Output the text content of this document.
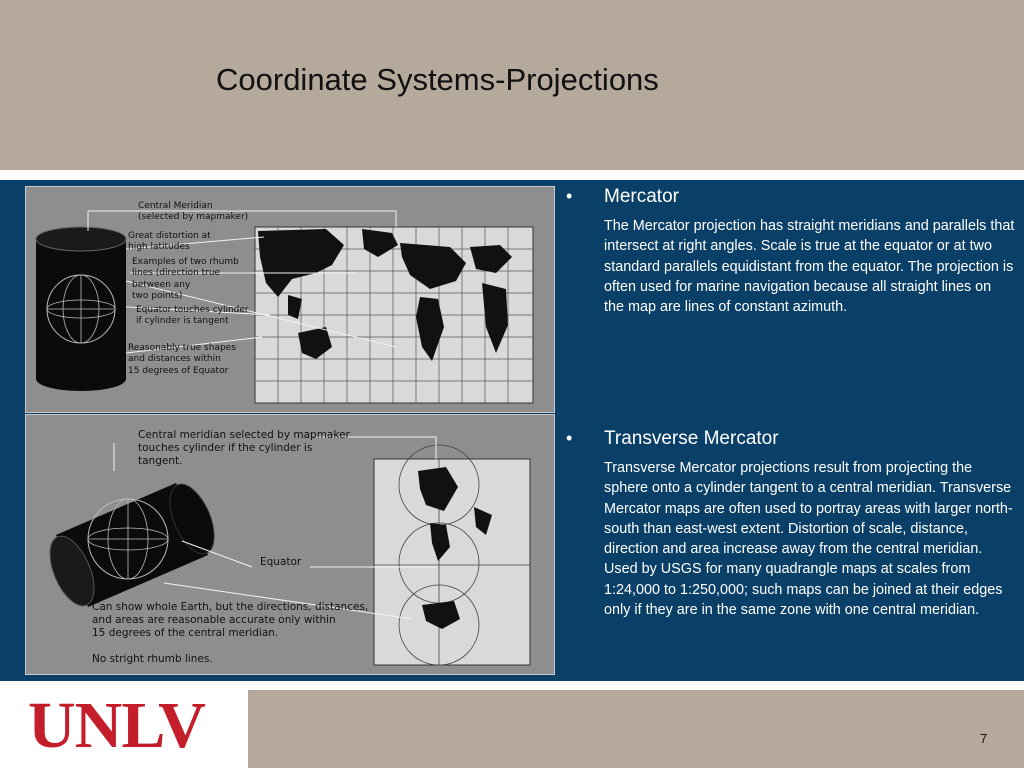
Coordinate Systems-Projections
Central Meridian
(selected by mapmaker)
Great distortion at
high latitudes
Examples of two rhumb
lines (direction true
between any
two points)
Equator touches cylinder
if cylinder is tangent
Reasonably true shapes
and distances within
15 degrees of Equator
Central meridian selected by mapmaker
touches cylinder if the cylinder is
tangent.
Equator
Can show whole Earth, but the directions, distances,
and areas are reasonable accurate only within
15 degrees of the central meridian.
No stright rhumb lines.
• Mercator
The Mercator projection has straight meridians and parallels that intersect at right angles. Scale is true at the equator or at two standard parallels equidistant from the equator. The projection is often used for marine navigation because all straight lines on the map are lines of constant azimuth.
• Transverse Mercator
Transverse Mercator projections result from projecting the sphere onto a cylinder tangent to a central meridian. Transverse Mercator maps are often used to portray areas with larger north-south than east-west extent. Distortion of scale, distance, direction and area increase away from the central meridian. Used by USGS for many quadrangle maps at scales from 1:24,000 to 1:250,000; such maps can be joined at their edges only if they are in the same zone with one central meridian.
UNLV	7
